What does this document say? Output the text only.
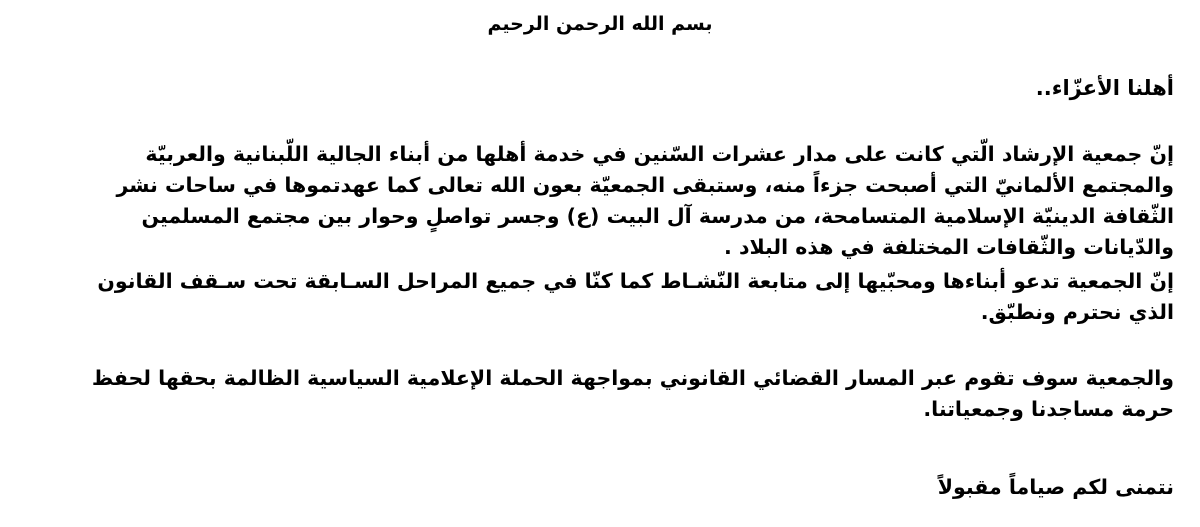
بسم الله الرحمن الرحيم
أهلنا الأعزّاء..

إنّ جمعية الإرشاد الّتي كانت على مدار عشرات السّنين في خدمة أهلها من أبناء الجالية اللّبنانية والعربيّة والمجتمع الألمانيّ التي أصبحت جزءاً منه، وستبقى الجمعيّة بعون الله تعالى كما عهدتموها في ساحات نشر الثّقافة الدينيّة الإسلامية المتسامحة، من مدرسة آل البيت (ع) وجسر تواصلٍ وحوار بين مجتمع المسلمين والدّيانات والثّقافات المختلفة في هذه البلاد .

إنّ الجمعية تدعو أبناءها ومحبّيها إلى متابعة النّشـاط كما كنّا في جميع المراحل السـابقة تحت سـقف القانون الذي نحترم ونطبّق.

والجمعية سوف تقوم عبر المسار القضائي القانوني بمواجهة الحملة الإعلامية السياسية الظالمة بحقها لحفظ حرمة مساجدنا وجمعياتنا.

نتمنى لكم صياماً مقبولاً
